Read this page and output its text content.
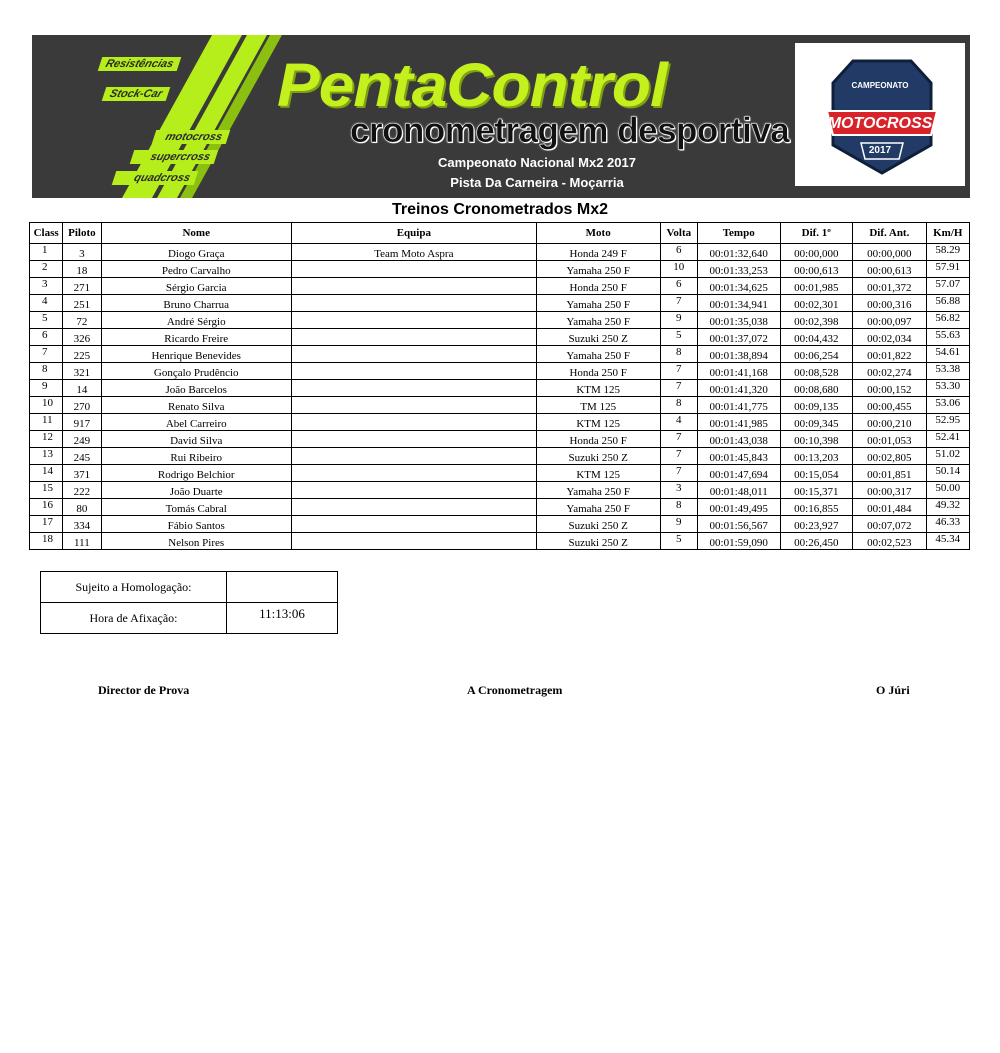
Resistências
Stock-Car
motocross
supercross
quadcross
PentaControl
cronometragem desportiva
Campeonato Nacional Mx2 2017
Pista Da Carneira - Moçarria
CAMPEONATO
MOTOCROSS
2017
Treinos Cronometrados Mx2
Class	Piloto	Nome	Equipa	Moto	Volta	Tempo	Dif. 1º	Dif. Ant.	Km/H
1	3	Diogo Graça	Team Moto Aspra	Honda 249 F	6	00:01:32,640	00:00,000	00:00,000	58.29
2	18	Pedro Carvalho		Yamaha 250 F	10	00:01:33,253	00:00,613	00:00,613	57.91
3	271	Sérgio Garcia		Honda 250 F	6	00:01:34,625	00:01,985	00:01,372	57.07
4	251	Bruno Charrua		Yamaha 250 F	7	00:01:34,941	00:02,301	00:00,316	56.88
5	72	André Sérgio		Yamaha 250 F	9	00:01:35,038	00:02,398	00:00,097	56.82
6	326	Ricardo Freire		Suzuki 250 Z	5	00:01:37,072	00:04,432	00:02,034	55.63
7	225	Henrique Benevides		Yamaha 250 F	8	00:01:38,894	00:06,254	00:01,822	54.61
8	321	Gonçalo Prudêncio		Honda 250 F	7	00:01:41,168	00:08,528	00:02,274	53.38
9	14	João Barcelos		KTM 125	7	00:01:41,320	00:08,680	00:00,152	53.30
10	270	Renato Silva		TM 125	8	00:01:41,775	00:09,135	00:00,455	53.06
11	917	Abel Carreiro		KTM 125	4	00:01:41,985	00:09,345	00:00,210	52.95
12	249	David Silva		Honda 250 F	7	00:01:43,038	00:10,398	00:01,053	52.41
13	245	Rui Ribeiro		Suzuki 250 Z	7	00:01:45,843	00:13,203	00:02,805	51.02
14	371	Rodrigo Belchior		KTM 125	7	00:01:47,694	00:15,054	00:01,851	50.14
15	222	João Duarte		Yamaha 250 F	3	00:01:48,011	00:15,371	00:00,317	50.00
16	80	Tomás Cabral		Yamaha 250 F	8	00:01:49,495	00:16,855	00:01,484	49.32
17	334	Fábio Santos		Suzuki 250 Z	9	00:01:56,567	00:23,927	00:07,072	46.33
18	111	Nelson Pires		Suzuki 250 Z	5	00:01:59,090	00:26,450	00:02,523	45.34
Sujeito a Homologação:	
Hora de Afixação:	11:13:06
Director de Prova	A Cronometragem	O Júri
